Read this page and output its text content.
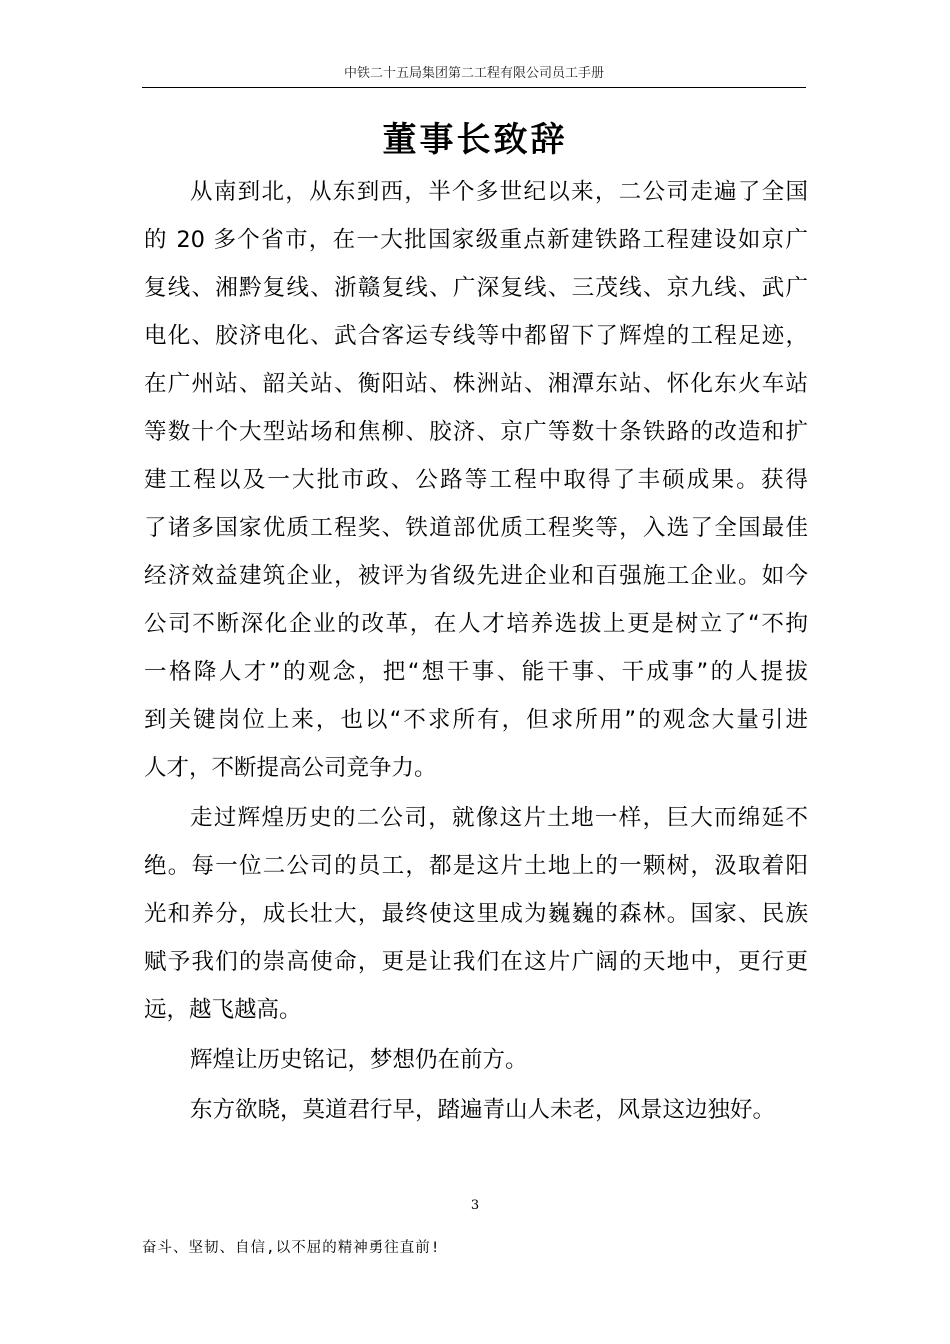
中铁二十五局集团第二工程有限公司员工手册
董事长致辞
从南到北，从东到西，半个多世纪以来，二公司走遍了全国
的 20 多个省市，在一大批国家级重点新建铁路工程建设如京广
复线、湘黔复线、浙赣复线、广深复线、三茂线、京九线、武广
电化、胶济电化、武合客运专线等中都留下了辉煌的工程足迹，
在广州站、韶关站、衡阳站、株洲站、湘潭东站、怀化东火车站
等数十个大型站场和焦柳、胶济、京广等数十条铁路的改造和扩
建工程以及一大批市政、公路等工程中取得了丰硕成果。获得
了诸多国家优质工程奖、铁道部优质工程奖等，入选了全国最佳
经济效益建筑企业，被评为省级先进企业和百强施工企业。如今
公司不断深化企业的改革，在人才培养选拔上更是树立了“不拘
一格降人才”的观念，把“想干事、能干事、干成事”的人提拔
到关键岗位上来，也以“不求所有，但求所用”的观念大量引进
人才，不断提高公司竞争力。
走过辉煌历史的二公司，就像这片土地一样，巨大而绵延不
绝。每一位二公司的员工，都是这片土地上的一颗树，汲取着阳
光和养分，成长壮大，最终使这里成为巍巍的森林。国家、民族
赋予我们的崇高使命，更是让我们在这片广阔的天地中，更行更
远，越飞越高。
辉煌让历史铭记，梦想仍在前方。
东方欲晓，莫道君行早，踏遍青山人未老，风景这边独好。
3
奋斗、坚韧、自信,以不屈的精神勇往直前!
